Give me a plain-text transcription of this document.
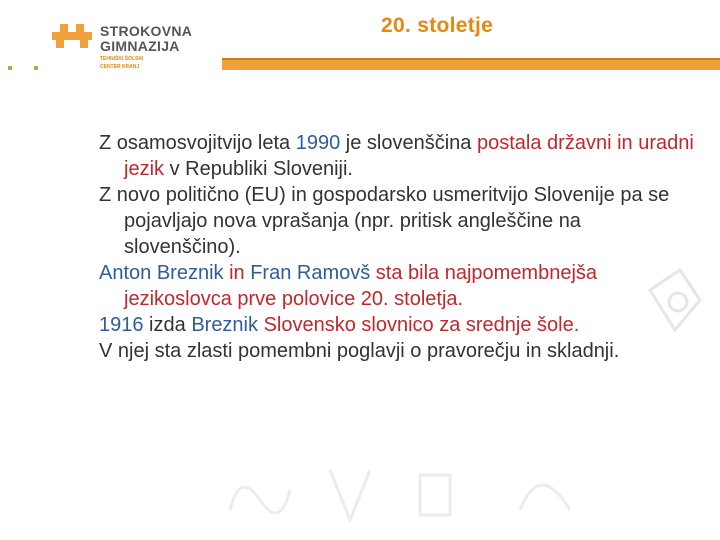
STROKOVNA
GIMNAZIJA
TEHNIŠKI ŠOLSKI
CENTER KRANJ
20. stoletje

Z osamosvojitvijo leta 1990 je slovenščina postala državni in uradni jezik v Republiki Sloveniji.

Z novo politično (EU) in gospodarsko usmeritvijo Slovenije pa se pojavljajo nova vprašanja (npr. pritisk angleščine na slovenščino).

Anton Breznik in Fran Ramovš sta bila najpomembnejša jezikoslovca prve polovice 20. stoletja.

1916 izda Breznik Slovensko slovnico za srednje šole.

V njej sta zlasti pomembni poglavji o pravorečju in skladnji.
